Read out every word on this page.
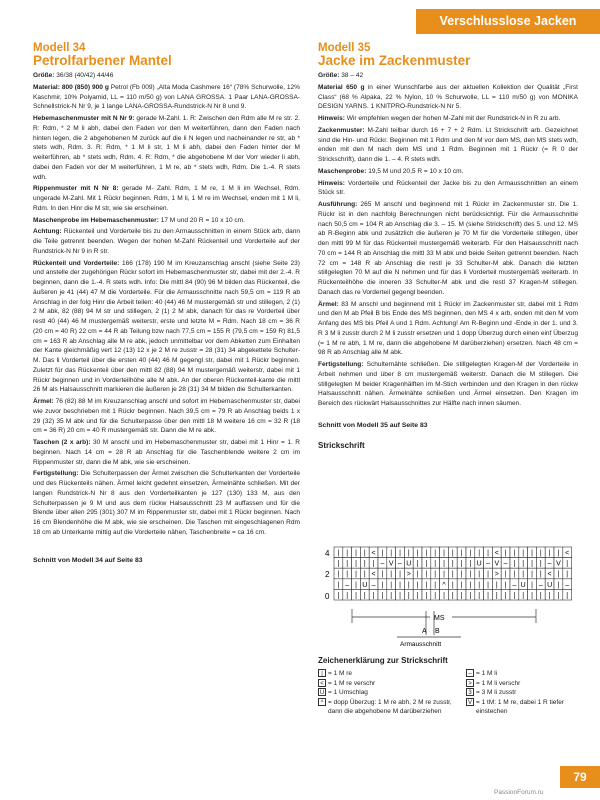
Verschlusslose Jacken
Modell 34
Petrolfarbener Mantel

Größe: 36/38 (40/42) 44/46

Material: 800 (850) 900 g Petrol (Fb 009) „Alta Moda Cashmere 16“ (78% Schurwolle, 12% Kaschmir, 10% Polyamid, LL = 110 m/50 g) von LANA GROSSA. 1 Paar LANA-GROSSA-Schnellstrick-N Nr 9, je 1 lange LANA-GROSSA-Rundstrick-N Nr 8 und 9.

Hebemaschenmuster mit N Nr 9: gerade M-Zahl. 1. R: Zwischen den Rdm alle M re str. 2. R: Rdm, * 2 M li abh, dabei den Faden vor den M weiterführen, dann den Faden nach hinten legen, die 2 abgehobenen M zurück auf die li N legen und nacheinander re str, ab * stets wdh, Rdm. 3. R: Rdm, * 1 M li str, 1 M li abh, dabei den Faden hinter der M weiterführen, ab * stets wdh, Rdm. 4. R: Rdm, * die abgehobene M der Vorr wieder li abh, dabei den Faden vor der M weiterführen, 1 M re, ab * stets wdh, Rdm. Die 1.-4. R stets wdh.

Rippenmuster mit N Nr 8: gerade M- Zahl. Rdm, 1 M re, 1 M li im Wechsel, Rdm. ungerade M-Zahl. Mit 1 Rückr beginnen. Rdm, 1 M li, 1 M re im Wechsel, enden mit 1 M li, Rdm. In den Hinr die M str, wie sie erscheinen.

Maschenprobe im Hebemaschenmuster: 17 M und 20 R = 10 x 10 cm.

Achtung: Rückenteil und Vorderteile bis zu den Armausschnitten in einem Stück arb, dann die Teile getrennt beenden. Wegen der hohen M-Zahl Rückenteil und Vorderteile auf der Rundstrick-N Nr 9 in R str.

Rückenteil und Vorderteile: 166 (178) 190 M im Kreuzanschlag anschl (siehe Seite 23) und anstelle der zugehörigen Rückr sofort im Hebemaschenmuster str, dabei mit der 2.-4. R beginnen, dann die 1.-4. R stets wdh. Info: Die mittl 84 (90) 96 M bilden das Rückenteil, die äußeren je 41 (44) 47 M die Vorderteile. Für die Armausschnitte nach 59,5 cm = 119 R ab Anschlag in der folg Hinr die Arbeit teilen: 40 (44) 46 M mustergemäß str und stillegen, 2 (1) 2 M abk, 82 (88) 94 M str und stillegen, 2 (1) 2 M abk, danach für das re Vorderteil über restl 40 (44) 46 M mustergemäß weiterstr, erste und letzte M = Rdm. Nach 18 cm = 36 R (20 cm = 40 R) 22 cm = 44 R ab Teilung bzw nach 77,5 cm = 155 R (79,5 cm = 159 R) 81,5 cm = 163 R ab Anschlag alle M re abk, jedoch unmittelbar vor dem Abketten zum Einhalten der Kante gleichmäßig vert 12 (13) 12 x je 2 M re zusstr = 28 (31) 34 abgekettete Schulter-M. Das li Vorderteil über die ersten 40 (44) 46 M gegengl str, dabei mit 1 Rückr beginnen. Zuletzt für das Rückenteil über den mittl 82 (88) 94 M mustergemäß weiterstr, dabei mit 1 Rückr beginnen und in Vorderteilhöhe alle M abk. An der oberen Rückenteil-kante die mittl 26 M als Halsausschnitt markieren die äußeren je 28 (31) 34 M bilden die Schulterkanten.

Ärmel: 76 (82) 88 M im Kreuzanschlag anschl und sofort im Hebemaschenmuster str, dabei wie zuvor beschrieben mit 1 Rückr beginnen. Nach 39,5 cm = 79 R ab Anschlag beids 1 x 29 (32) 35 M abk und für die Schulterpasse über den mittl 18 M weitere 16 cm = 32 R (18 cm = 36 R) 20 cm = 40 R mustergemäß str. Dann die M re abk.

Taschen (2 x arb): 30 M anschl und im Hebemaschenmuster str, dabei mit 1 Hinr = 1. R beginnen. Nach 14 cm = 28 R ab Anschlag für die Taschenblende weitere 2 cm im Rippenmuster str, dann die M abk, wie sie erscheinen.

Fertigstellung: Die Schulterpassen der Ärmel zwischen die Schulterkanten der Vorderteile und des Rückenteils nähen. Ärmel leicht gedehnt einsetzen, Ärmelnähte schließen. Mit der langen Rundstrick-N Nr 8 aus den Vorderteilkanten je 127 (130) 133 M, aus den Schulterpassen je 9 M und aus dem rückw Halsausschnitt 23 M auffassen und für die Blende über allen 295 (301) 307 M im Rippenmuster str, dabei mit 1 Rückr beginnen. Nach 16 cm Blendenhöhe die M abk, wie sie erscheinen. Die Taschen mit eingeschlagenen Rdm 18 cm ab Unterkante mittig auf die Vorderteile nähen, Taschenbreite = ca 16 cm.

Schnitt von Modell 34 auf Seite 83

Modell 35
Jacke im Zackenmuster

Größe: 38 – 42

Material 650 g in einer Wunschfarbe aus der aktuellen Kollektion der Qualität „First Class“ (68 % Alpaka, 22 % Nylon, 10 % Schurwolle, LL = 110 m/50 g) von MONIKA DESIGN YARNS. 1 KNITPRO-Rundstrick-N Nr 5.

Hinweis: Wir empfehlen wegen der hohen M-Zahl mit der Rundstrick-N in R zu arb.

Zackenmuster: M-Zahl teilbar durch 16 + 7 + 2 Rdm. Lt Strickschrift arb. Gezeichnet sind die Hin- und Rückr. Beginnen mit 1 Rdm und den M vor dem MS, den MS stets wdh, enden mit den M nach dem MS und 1 Rdm. Beginnen mit 1 Rückr (= R 0 der Strickschrift), dann die 1. – 4. R stets wdh.

Maschenprobe: 19,5 M und 20,5 R = 10 x 10 cm.

Hinweis: Vorderteile und Rückenteil der Jacke bis zu den Armausschnitten an einem Stück str.

Ausführung: 265 M anschl und beginnend mit 1 Rückr im Zackenmuster str. Die 1. Rückr ist in den nachfolg Berechnungen nicht berücksichtigt. Für die Armausschnitte nach 50,5 cm = 104 R ab Anschlag die 3. – 15. M (siehe Strickschrift) des 5. und 12. MS ab R-Beginn abk und zusätzlich die äußeren je 70 M für die Vorderteile stillegen, über den mittl 99 M für das Rückenteil mustergemäß weiterarb. Für den Halsausschnitt nach 70 cm = 144 R ab Anschlag die mittl 33 M abk und beide Seiten getrennt beenden. Nach 72 cm = 148 R ab Anschlag die restl je 33 Schulter-M abk. Danach die letzten stillgelegten 70 M auf die N nehmen und für das li Vorderteil mustergemäß weiterarb. In Rückenteilhöhe die inneren 33 Schulter-M abk und die restl 37 Kragen-M stillegen. Danach das re Vorderteil gegengl beenden.

Ärmel: 83 M anschl und beginnend mit 1 Rückr im Zackenmuster str, dabei mit 1 Rdm und den M ab Pfeil B bis Ende des MS beginnen, den MS 4 x arb, enden mit den M vom Anfang des MS bis Pfeil A und 1 Rdm. Achtung! Am R-Beginn und -Ende in der 1. und 3. R 3 M li zusstr durch 2 M li zusstr ersetzen und 1 dopp Überzug durch einen einf Überzug (= 1 M re abh, 1 M re, dann die abgehobene M darüberziehen) ersetzen. Nach 48 cm = 98 R ab Anschlag alle M abk.

Fertigstellung: Schulternähte schließen. Die stillgelegten Kragen-M der Vorderteile in Arbeit nehmen und über 8 cm mustergemäß weiterstr. Danach die M stillegen. Die stillgelegten M beider Kragenhälften im M-Stich verbinden und den Kragen in den rückw Halsausschnitt nähen. Ärmelnähte schließen und Ärmel einsetzen. Den Kragen im Bereich des rückwärt Halsausschnittes zur Hälfte nach innen säumen.

Schnitt von Modell 35 auf Seite 83

Strickschrift
| | | | < | | | | | | | | | | | | | < | | | | | | | <
| | | | | – V – U | | | | | | | U – V – | | | | – V |
| | | | < | | | > | | | | | | | | | > | | | | | < | |
| – | U – | | | | | | | ^ | | | | | | | – U | – U | –
| | | | | | | | | | | | | | | | | | | | | | | | | | |
4
2
0
MS
A B
Armausschnitt
Zeichenerklärung zur Strickschrift
| = 1 M re
< = 1 M re verschr
U = 1 Umschlag
^ = dopp Überzug: 1 M re abh, 2 M re zusstr, dann die abgehobene M darüberziehen
– = 1 M li
> = 1 M li verschr
3 = 3 M li zusstr
V = 1 tM: 1 M re, dabei 1 R tiefer einstechen
79
PassionForum.ru
